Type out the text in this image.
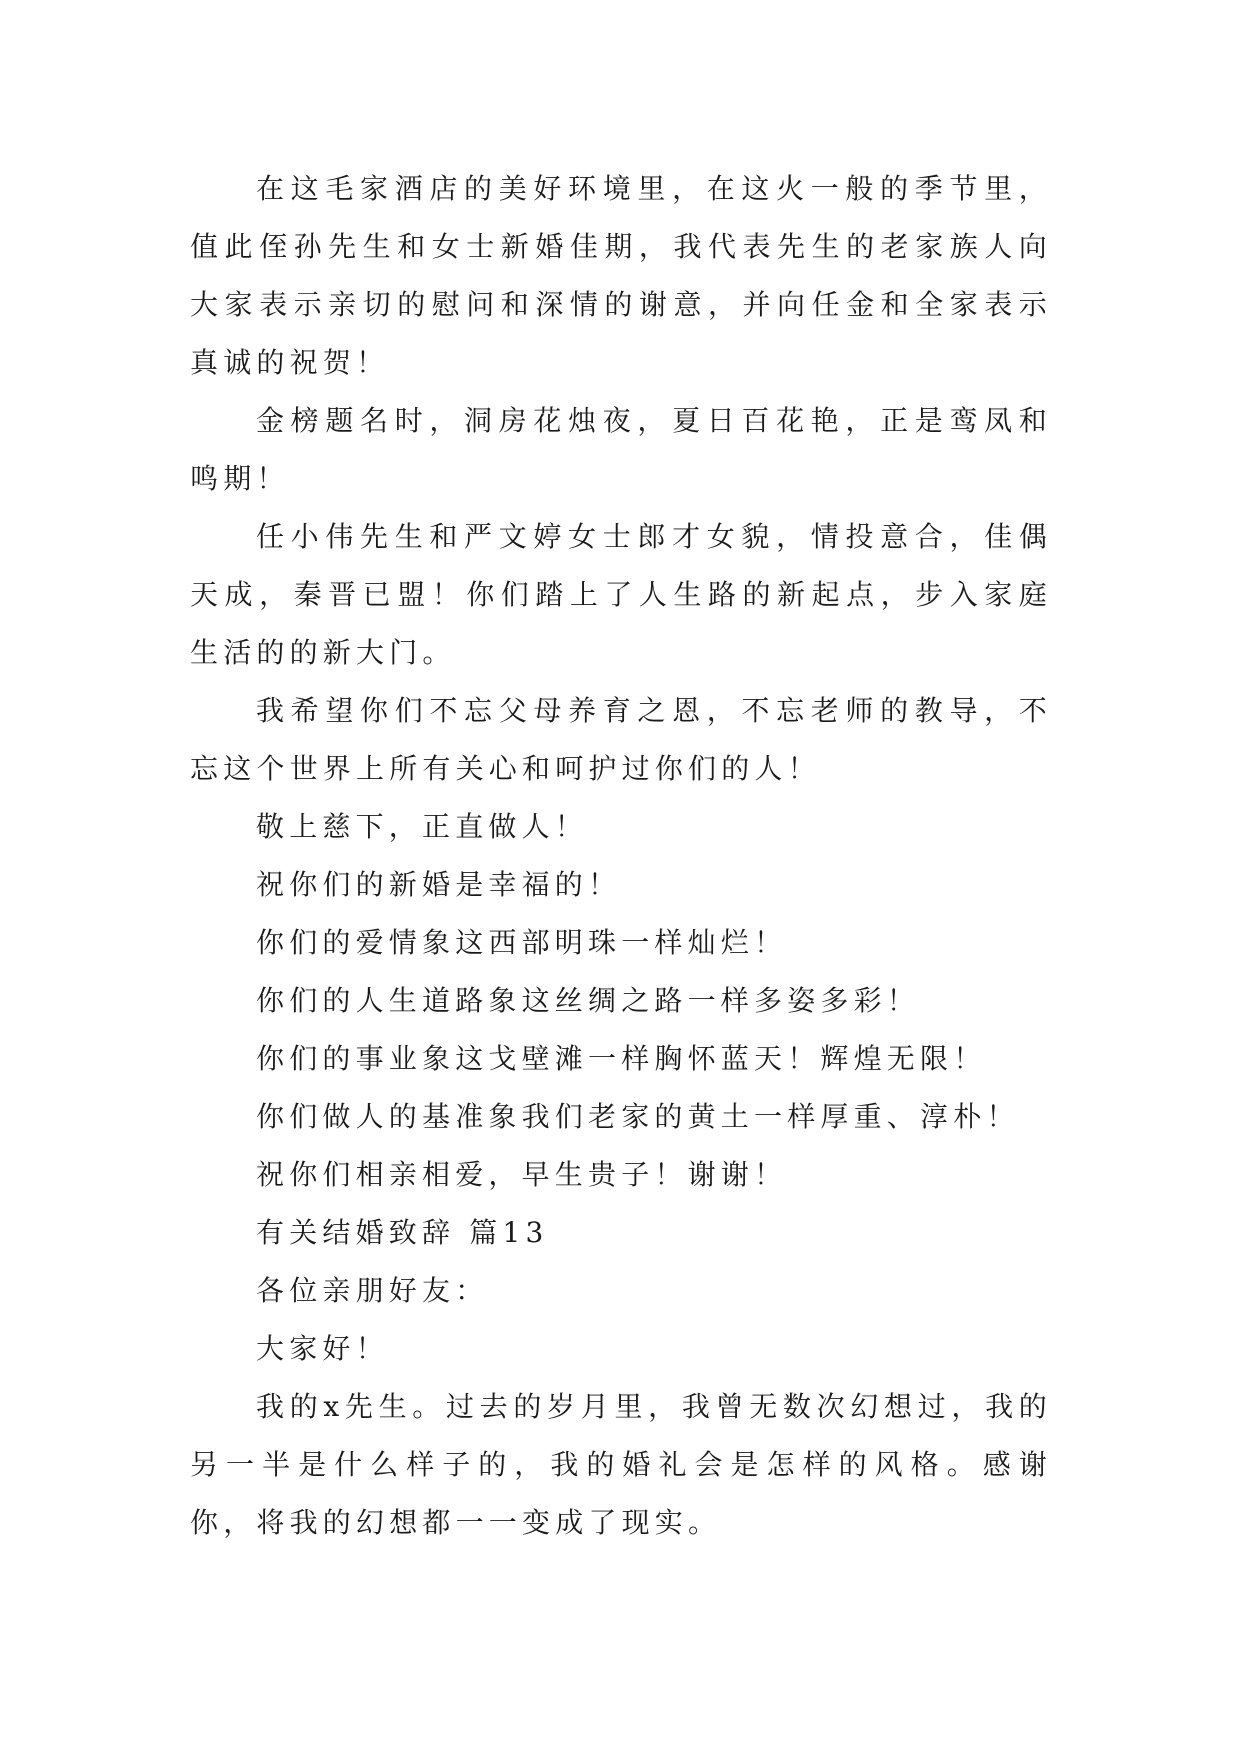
在这毛家酒店的美好环境里，在这火一般的季节里，值此侄孙先生和女士新婚佳期，我代表先生的老家族人向大家表示亲切的慰问和深情的谢意，并向任金和全家表示真诚的祝贺！

金榜题名时，洞房花烛夜，夏日百花艳，正是鸾凤和鸣期！

任小伟先生和严文婷女士郎才女貌，情投意合，佳偶天成，秦晋已盟！你们踏上了人生路的新起点，步入家庭生活的的新大门。

我希望你们不忘父母养育之恩，不忘老师的教导，不忘这个世界上所有关心和呵护过你们的人！

敬上慈下，正直做人！

祝你们的新婚是幸福的！

你们的爱情象这西部明珠一样灿烂！

你们的人生道路象这丝绸之路一样多姿多彩！

你们的事业象这戈壁滩一样胸怀蓝天！辉煌无限！

你们做人的基准象我们老家的黄土一样厚重、淳朴！

祝你们相亲相爱，早生贵子！谢谢！

有关结婚致辞 篇13

各位亲朋好友：

大家好！

我的x先生。过去的岁月里，我曾无数次幻想过，我的另一半是什么样子的，我的婚礼会是怎样的风格。感谢你，将我的幻想都一一变成了现实。
